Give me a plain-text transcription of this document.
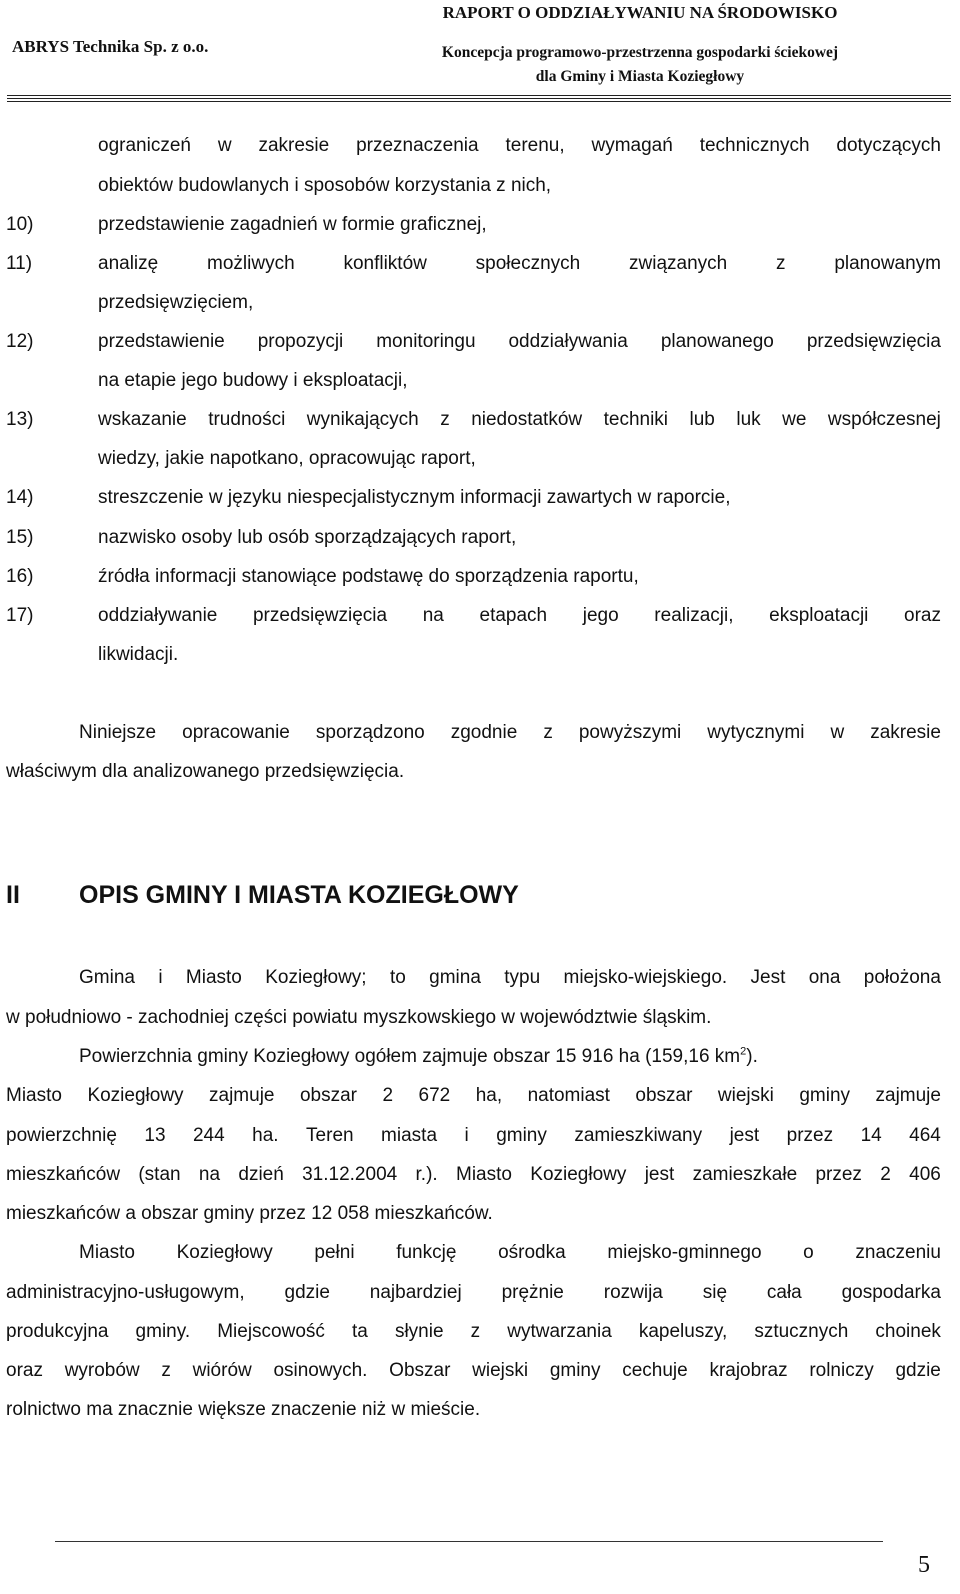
RAPORT O ODDZIAŁYWANIU NA ŚRODOWISKO
ABRYS Technika Sp. z o.o.	Koncepcja programowo-przestrzenna gospodarki ściekowej
dla Gminy i Miasta Koziegłowy
ograniczeń w zakresie przeznaczenia terenu, wymagań technicznych dotyczących
obiektów budowlanych i sposobów korzystania z nich,
10)	przedstawienie zagadnień w formie graficznej,
11)	analizę	możliwych	konfliktów	społecznych	związanych	z	planowanym
przedsięwzięciem,
12)	przedstawienie propozycji monitoringu oddziaływania planowanego przedsięwzięcia
na etapie jego budowy i eksploatacji,
13)	wskazanie trudności wynikających z niedostatków techniki lub luk we współczesnej
wiedzy, jakie napotkano, opracowując raport,
14)	streszczenie w języku niespecjalistycznym informacji zawartych w raporcie,
15)	nazwisko osoby lub osób sporządzających raport,
16)	źródła informacji stanowiące podstawę do sporządzenia raportu,
17)	oddziaływanie przedsięwzięcia na etapach jego realizacji, eksploatacji oraz
likwidacji.
Niniejsze opracowanie sporządzono zgodnie z powyższymi wytycznymi w zakresie
właściwym dla analizowanego przedsięwzięcia.
II OPIS GMINY I MIASTA KOZIEGŁOWY
Gmina i Miasto Koziegłowy; to gmina typu miejsko-wiejskiego. Jest ona położona
w południowo - zachodniej części powiatu myszkowskiego w województwie śląskim.
Powierzchnia gminy Koziegłowy ogółem zajmuje obszar 15 916 ha (159,16 $km^2$).
Miasto Koziegłowy zajmuje obszar 2 672 ha, natomiast obszar wiejski gminy zajmuje
powierzchnię 13 244 ha. Teren miasta i gminy zamieszkiwany jest przez 14 464
mieszkańców (stan na dzień 31.12.2004 r.). Miasto Koziegłowy jest zamieszkałe przez 2 406
mieszkańców a obszar gminy przez 12 058 mieszkańców.
Miasto Koziegłowy pełni funkcję ośrodka miejsko-gminnego o znaczeniu
administracyjno-usługowym, gdzie najbardziej prężnie rozwija się cała gospodarka
produkcyjna gminy. Miejscowość ta słynie z wytwarzania kapeluszy, sztucznych choinek
oraz wyrobów z wiórów osinowych. Obszar wiejski gminy cechuje krajobraz rolniczy gdzie
rolnictwo ma znacznie większe znaczenie niż w mieście.
5
